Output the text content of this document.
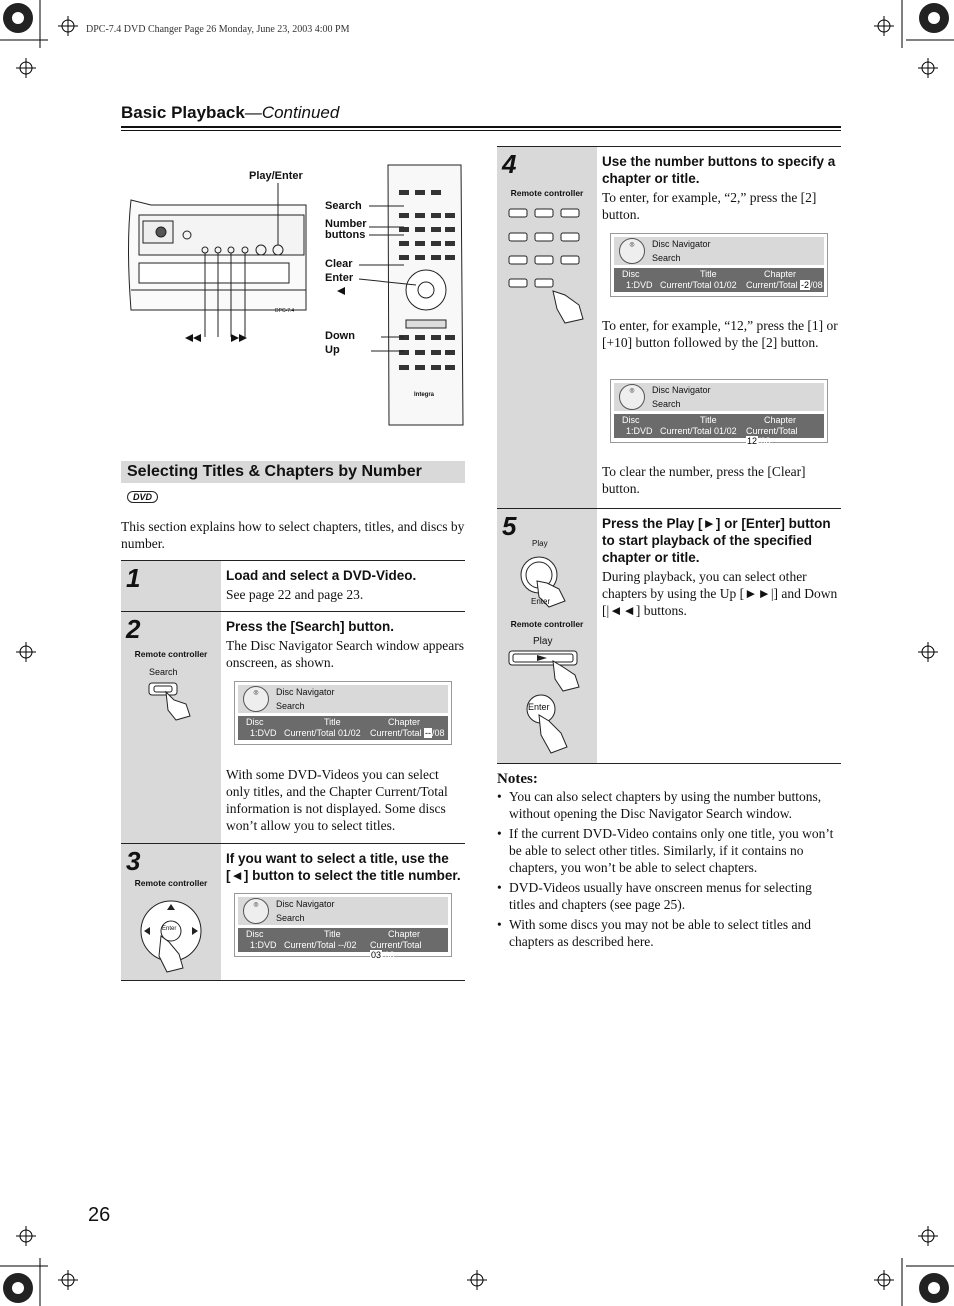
DPC-7.4 DVD Changer Page 26 Monday, June 23, 2003 4:00 PM
Basic Playback—Continued
Play/Enter
Search
Number
buttons
Clear
Enter
Down
Up
Integra
DPC-7.4
Selecting Titles & Chapters by Number
DVD
This section explains how to select chapters, titles, and discs by number.
1	Load and select a DVD-Video.
See page 22 and page 23.
2
Remote controller
Search
Press the [Search] button.
The Disc Navigator Search window appears onscreen, as shown.
With some DVD-Videos you can select only titles, and the Chapter Current/Total information is not displayed. Some discs won’t allow you to select titles.
3
Remote controller
Enter
If you want to select a title, use the [◄] button to select the title number.
4
Remote controller
Use the number buttons to specify a chapter or title.
To enter, for example, “2,” press the [2] button.
To enter, for example, “12,” press the [1] or [+10] button followed by the [2] button.
To clear the number, press the [Clear] button.
5
Play
Enter
Remote controller
Play
Enter
Press the Play [►] or [Enter] button to start playback of the specified chapter or title.
During playback, you can select other chapters by using the Up [►►|] and Down [|◄◄] buttons.
◎	Disc Navigator
Search
Disc	Title	Chapter
1:DVD Current/Total 01/02 Current/Total --/08
◎	Disc Navigator
Search
Disc	Title	Chapter
1:DVD Current/Total --/02 Current/Total 03/08
◎	Disc Navigator
Search
Disc	Title	Chapter
1:DVD Current/Total 01/02 Current/Total -2/08
◎	Disc Navigator
Search
Disc	Title	Chapter
1:DVD Current/Total 01/02 Current/Total 12/08
Notes:
• You can also select chapters by using the number buttons, without opening the Disc Navigator Search window.
• If the current DVD-Video contains only one title, you won’t be able to select other titles. Similarly, if it contains no chapters, you won’t be able to select chapters.
• DVD-Videos usually have onscreen menus for selecting titles and chapters (see page 25).
• With some discs you may not be able to select titles and chapters as described here.
26
